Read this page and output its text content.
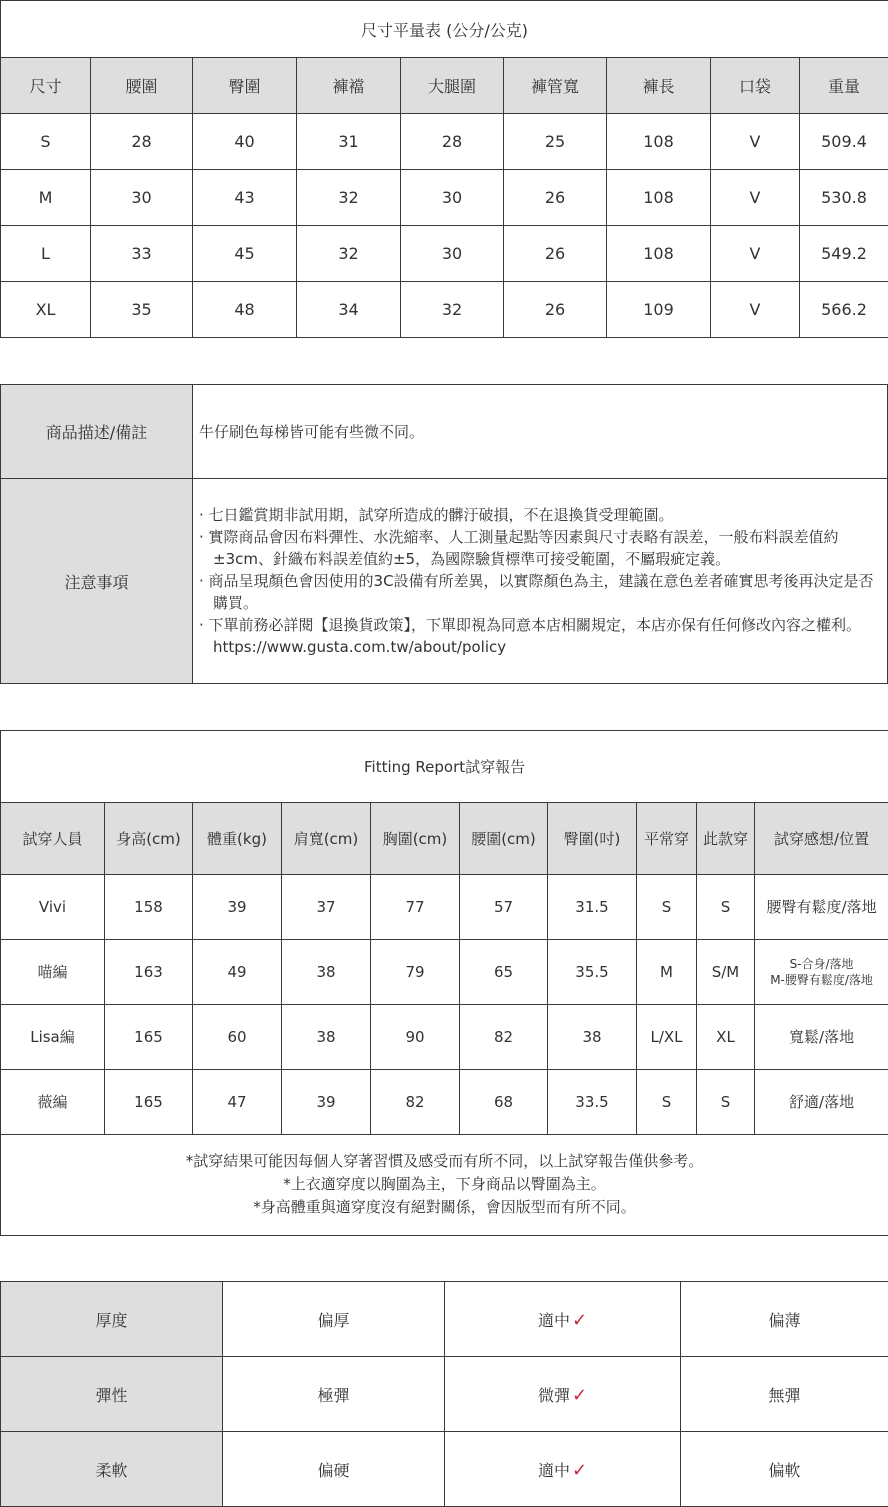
尺寸平量表 (公分/公克)								
尺寸	腰圍	臀圍	褲襠	大腿圍	褲管寬	褲長	口袋	重量
S	28	40	31	28	25	108	V	509.4
M	30	43	32	30	26	108	V	530.8
L	33	45	32	30	26	108	V	549.2
XL	35	48	34	32	26	109	V	566.2
商品描述/備註	牛仔刷色每梯皆可能有些微不同。
注意事項	· 七日鑑賞期非試用期，試穿所造成的髒汙破損，不在退換貨受理範圍。
· 實際商品會因布料彈性、水洗縮率、人工測量起點等因素與尺寸表略有誤差，一般布料誤差值約±3cm、針織布料誤差值約±5，為國際驗貨標準可接受範圍，不屬瑕疵定義。
· 商品呈現顏色會因使用的3C設備有所差異，以實際顏色為主，建議在意色差者確實思考後再決定是否購買。
· 下單前務必詳閱【退換貨政策】，下單即視為同意本店相關規定，本店亦保有任何修改內容之權利。https://www.gusta.com.tw/about/policy
Fitting Report試穿報告									
試穿人員	身高(cm)	體重(kg)	肩寬(cm)	胸圍(cm)	腰圍(cm)	臀圍(吋)	平常穿	此款穿	試穿感想/位置
Vivi	158	39	37	77	57	31.5	S	S	腰臀有鬆度/落地
喵編	163	49	38	79	65	35.5	M	S/M	S-合身/落地
M-腰臀有鬆度/落地

Lisa編	165	60	38	90	82	38	L/XL	XL	寬鬆/落地
薇編	165	47	39	82	68	33.5	S	S	舒適/落地

*試穿結果可能因每個人穿著習慣及感受而有所不同，以上試穿報告僅供參考。
*上衣適穿度以胸圍為主，下身商品以臀圍為主。
*身高體重與適穿度沒有絕對關係，會因版型而有所不同。									
厚度	偏厚	適中 ✓	偏薄
彈性	極彈	微彈 ✓	無彈
柔軟	偏硬	適中 ✓	偏軟
